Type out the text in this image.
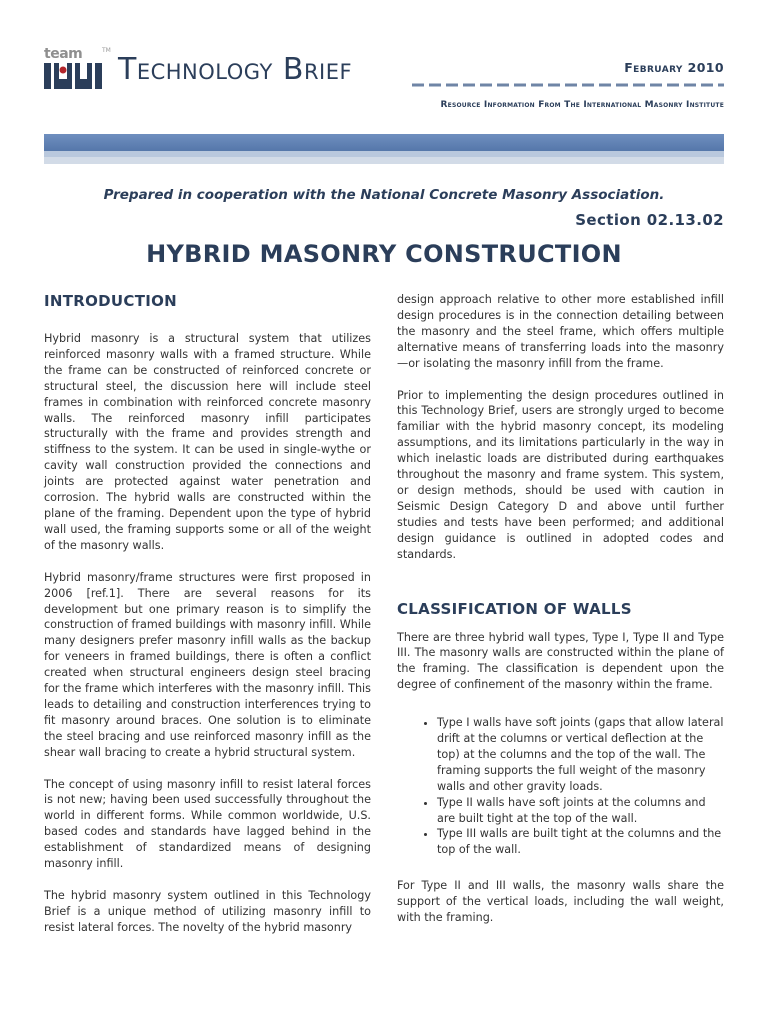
team	TM
Technology Brief	February 2010
Resource Information From The International Masonry Institute
Prepared in cooperation with the National Concrete Masonry Association.
Section 02.13.02
HYBRID MASONRY CONSTRUCTION
INTRODUCTION

Hybrid masonry is a structural system that utilizes reinforced masonry walls with a framed structure. While the frame can be constructed of reinforced concrete or structural steel, the discussion here will include steel frames in combination with reinforced concrete masonry walls. The reinforced masonry infill participates structurally with the frame and provides strength and stiffness to the system. It can be used in single-wythe or cavity wall construction provided the connections and joints are protected against water penetration and corrosion. The hybrid walls are constructed within the plane of the framing. Dependent upon the type of hybrid wall used, the framing supports some or all of the weight of the masonry walls.

Hybrid masonry/frame structures were first proposed in 2006 [ref.1]. There are several reasons for its development but one primary reason is to simplify the construction of framed buildings with masonry infill. While many designers prefer masonry infill walls as the backup for veneers in framed buildings, there is often a conflict created when structural engineers design steel bracing for the frame which interferes with the masonry infill. This leads to detailing and construction interferences trying to fit masonry around braces. One solution is to eliminate the steel bracing and use reinforced masonry infill as the shear wall bracing to create a hybrid structural system.

The concept of using masonry infill to resist lateral forces is not new; having been used successfully throughout the world in different forms. While common worldwide, U.S. based codes and standards have lagged behind in the establishment of standardized means of designing masonry infill.

The hybrid masonry system outlined in this Technology Brief is a unique method of utilizing masonry infill to resist lateral forces. The novelty of the hybrid masonry

design approach relative to other more established infill design procedures is in the connection detailing between the masonry and the steel frame, which offers multiple alternative means of transferring loads into the masonry—or isolating the masonry infill from the frame.

Prior to implementing the design procedures outlined in this Technology Brief, users are strongly urged to become familiar with the hybrid masonry concept, its modeling assumptions, and its limitations particularly in the way in which inelastic loads are distributed during earthquakes throughout the masonry and frame system. This system, or design methods, should be used with caution in Seismic Design Category D and above until further studies and tests have been performed; and additional design guidance is outlined in adopted codes and standards.

CLASSIFICATION OF WALLS

There are three hybrid wall types, Type I, Type II and Type III. The masonry walls are constructed within the plane of the framing. The classification is dependent upon the degree of confinement of the masonry within the frame.

• Type I walls have soft joints (gaps that allow lateral drift at the columns or vertical deflection at the top) at the columns and the top of the wall. The framing supports the full weight of the masonry walls and other gravity loads.
• Type II walls have soft joints at the columns and are built tight at the top of the wall.
• Type III walls are built tight at the columns and the top of the wall.

For Type II and III walls, the masonry walls share the support of the vertical loads, including the wall weight, with the framing.
